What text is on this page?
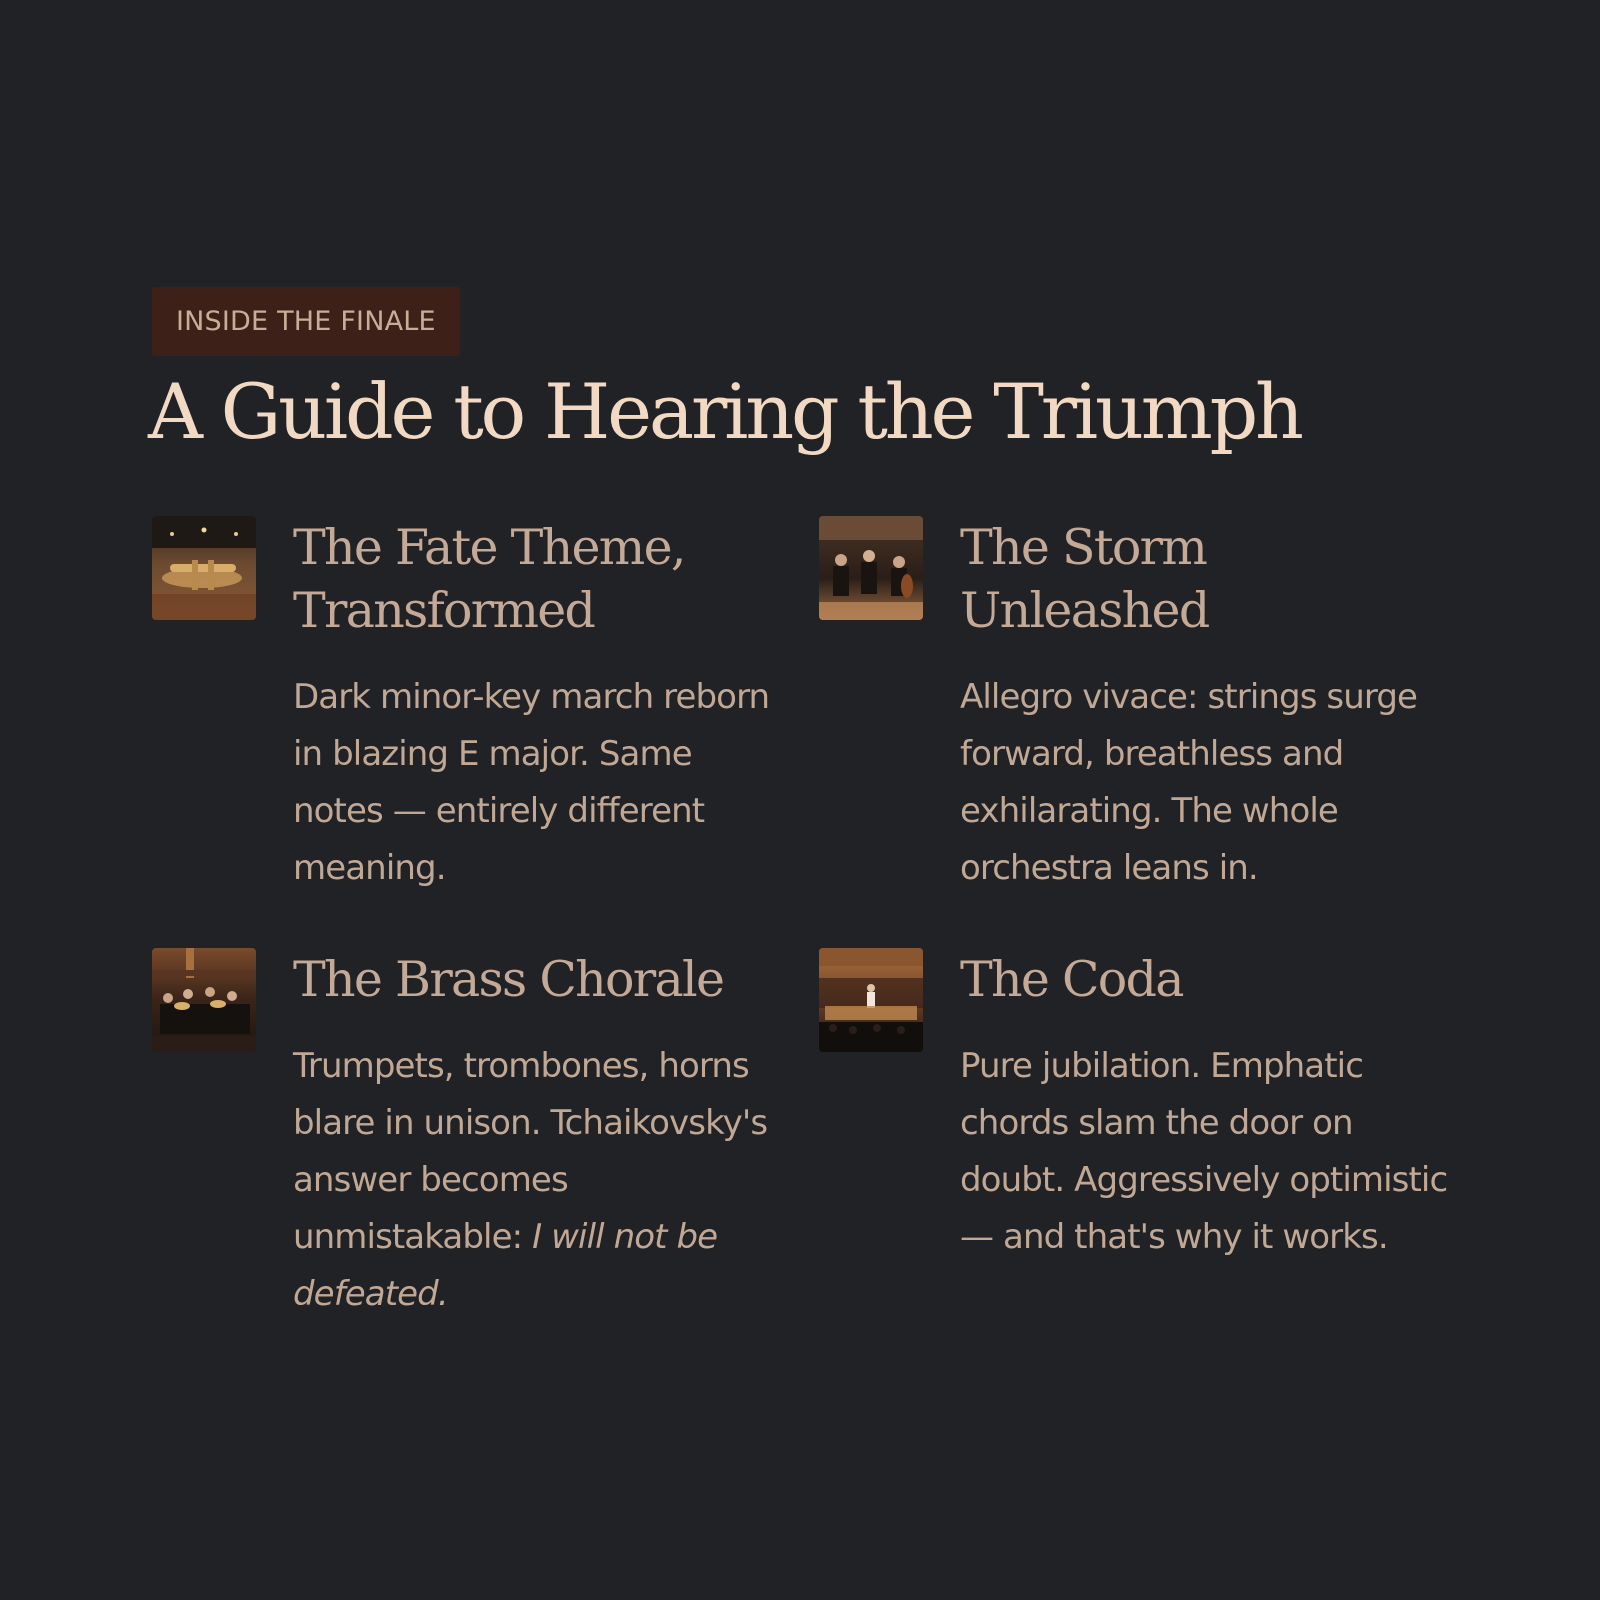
INSIDE THE FINALE
A Guide to Hearing the Triumph
The Fate Theme, Transformed

Dark minor-key march reborn in blazing E major. Same notes — entirely different meaning.

The Storm Unleashed

Allegro vivace: strings surge forward, breathless and exhilarating. The whole orchestra leans in.

The Brass Chorale

Trumpets, trombones, horns blare in unison. Tchaikovsky's answer becomes unmistakable: I will not be defeated.

The Coda

Pure jubilation. Emphatic chords slam the door on doubt. Aggressively optimistic — and that's why it works.
